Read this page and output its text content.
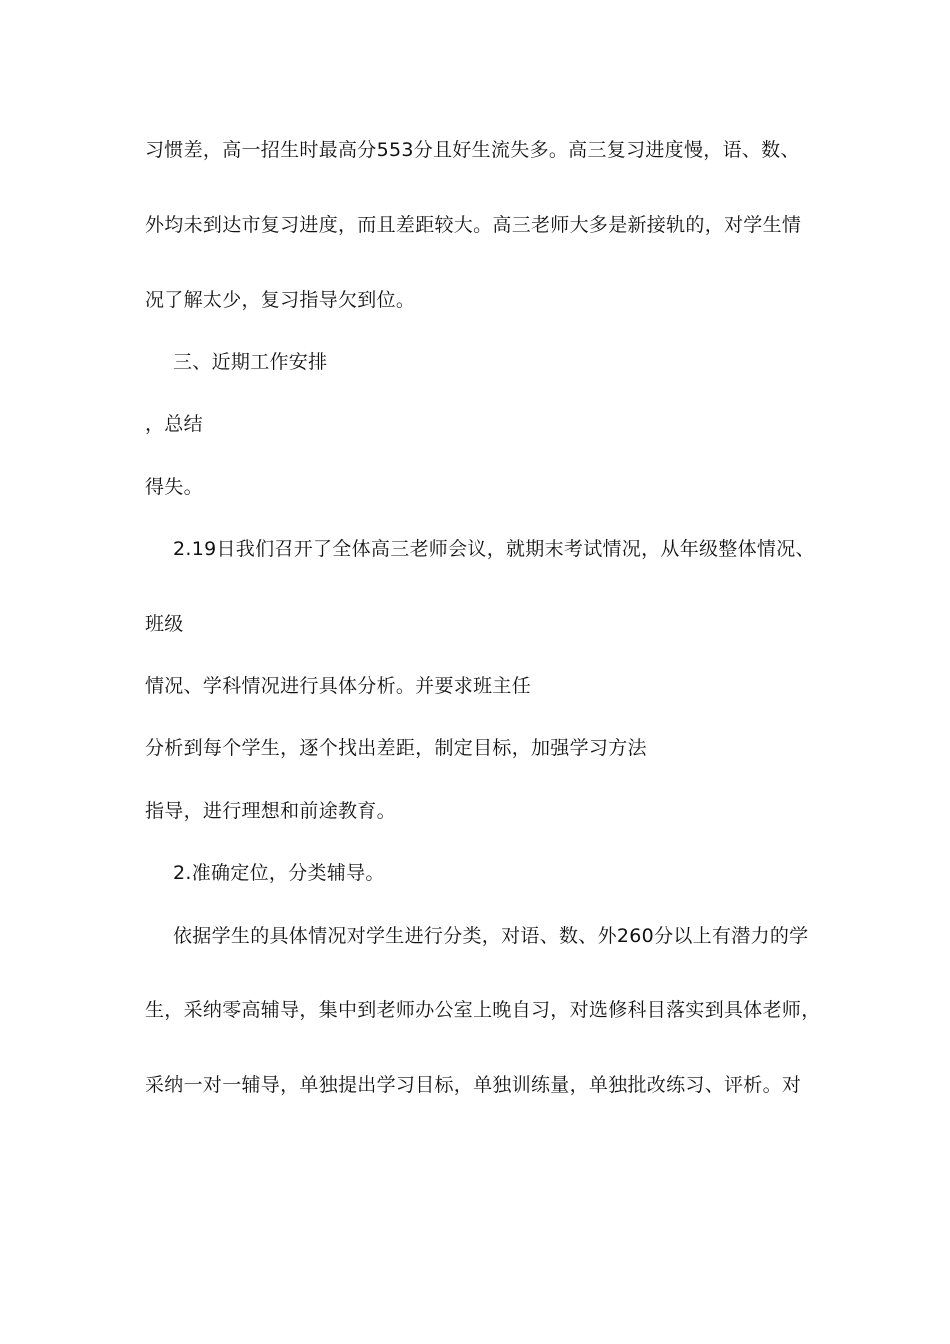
习惯差，高一招生时最高分553分且好生流失多。高三复习进度慢，语、数、
外均未到达市复习进度，而且差距较大。高三老师大多是新接轨的，对学生情
况了解太少，复习指导欠到位。
三、近期工作安排
，总结
得失。
2.19日我们召开了全体高三老师会议，就期末考试情况，从年级整体情况、
班级
情况、学科情况进行具体分析。并要求班主任
分析到每个学生，逐个找出差距，制定目标，加强学习方法
指导，进行理想和前途教育。
2.准确定位，分类辅导。
依据学生的具体情况对学生进行分类，对语、数、外260分以上有潜力的学
生，采纳零高辅导，集中到老师办公室上晚自习，对选修科目落实到具体老师，
采纳一对一辅导，单独提出学习目标，单独训练量，单独批改练习、评析。对
